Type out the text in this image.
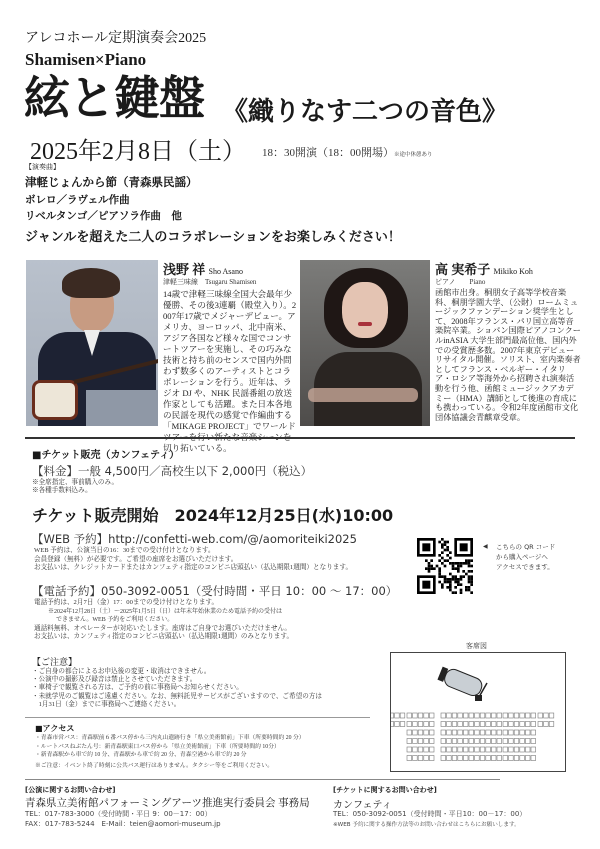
アレコホール定期演奏会2025
Shamisen×Piano
絃と鍵盤 《織りなす二つの音色》
2025年2月8日（土） 18：30開演（18：00開場）※途中休憩あり
【演奏曲】
津軽じょんから節（青森県民謡）
ボレロ／ラヴェル作曲
リベルタンゴ／ピアソラ作曲　他
ジャンルを超えた二人のコラボレーションをお楽しみください！
浅野 祥 Sho Asano
津軽三味線　 Tsugaru Shamisen
14歳で津軽三味線全国大会最年少優勝、その後3連覇（殿堂入り）。2007年17歳でメジャーデビュー。アメリカ、ヨーロッパ、北中南米、アジア各国など様々な国でコンサートツアーを実施し、その巧みな技術と持ち前のセンスで国内外問わず数多くのアーティストとコラボレーションを行う。近年は、ラジオ DJ や、NHK 民謡番組の放送作家としても活躍。また日本各地の民謡を現代の感覚で作編曲する「MIKAGE PROJECT」でワールド 切り拓いている。
高 実希子 Mikiko Koh
ピアノ　　 Piano
函館市出身。桐朋女子高等学校音楽科、桐朋学園大学、（公財）ロームミュージックファンデーション奨学生として、2008年フランス・パリ国立高等音楽院卒業。ショパン国際ピアノコンクールinASIA 大学生部門最高位他、国内外での受賞歴多数。2007年東京デビューリサイタル開催。ソリスト、室内楽奏者としてフランス・ベルギー・イタリア・ロシア等海外から招聘され演奏活動を行う他、函館ミュージックアカデミー（HMA）講師として後進の育成にも携わっている。令和2年度函館市文化団体協議会青麒章受章。
■チケット販売（カンフェティ）
【料金】一般 4,500円／高校生以下 2,000円（税込）
※全席指定、事前購入のみ。
※各種手数料込み。
チケット販売開始　2024年12月25日(水)10:00
【WEB 予約】http://confetti-web.com/@/aomoriteiki2025
WEB 予約は、公演当日の16：30までの受け付けとなります。
会員登録（無料）が必要です。ご希望の座席をお選びいただけます。
お支払いは、クレジットカードまたはカンフェティ指定のコンビニ店頭払い（払込期限1週間）となります。
【電話予約】050-3092-0051（受付時間・平日 10：00 ～ 17：00）
電話予約は、2月7日（金）17：00までの受け付けとなります。
※2024年12月28日（土）～2025年1月5日（日）は年末年始休業のため電話予約の受付は
できません。WEB 予約をご利用ください。
通話料無料、オペレーターが対応いたします。座席はご自身でお選びいただけません。
お支払いは、カンフェティ指定のコンビニ店頭払い（払込期限1週間）のみとなります。
◀	こちらの QR コード
から購入ページへ
アクセスできます。
【ご注意】
・ご自身の都合によるお申込後の変更・取消はできません。
・公演中の撮影及び録音は禁止とさせていただきます。
・車椅子で観覧される方は、ご予約の前に事務局へお知らせください。
・未就学児のご観覧はご遠慮ください。なお、無料託児サービスがございますので、ご希望の方は
　1月31日（金）までに事務局へご連絡ください。
客席図
■アクセス
・青森市営バス：青森駅前６番バス停から三内丸山遺跡行き「県立美術館前」下車（所要時間約 20 分）
・ルートバスねぶたん号：新青森駅東口バス停から「県立美術館前」下車（所要時間約 10分）
・新青森駅から車で約 10 分、青森駅から車で約 20 分、青森空港から車で約 20 分
※ご注意：イベント終了時刻に公共バス運行はありません。タクシー等をご利用ください。
[公演に関するお問い合わせ]
青森県立美術館パフォーミングアーツ推進実行委員会 事務局
TEL：017-783-3000（受付時間・平日 9：00－17：00）
FAX：017-783-5244　E-Mail：teien@aomori-museum.jp
[チケットに関するお問い合わせ]
カンフェティ
TEL：050-3092-0051（受付時間・平日10：00－17：00）
※WEB 予約に関する操作方法等のお問い合わせはこちらにお願いします。
